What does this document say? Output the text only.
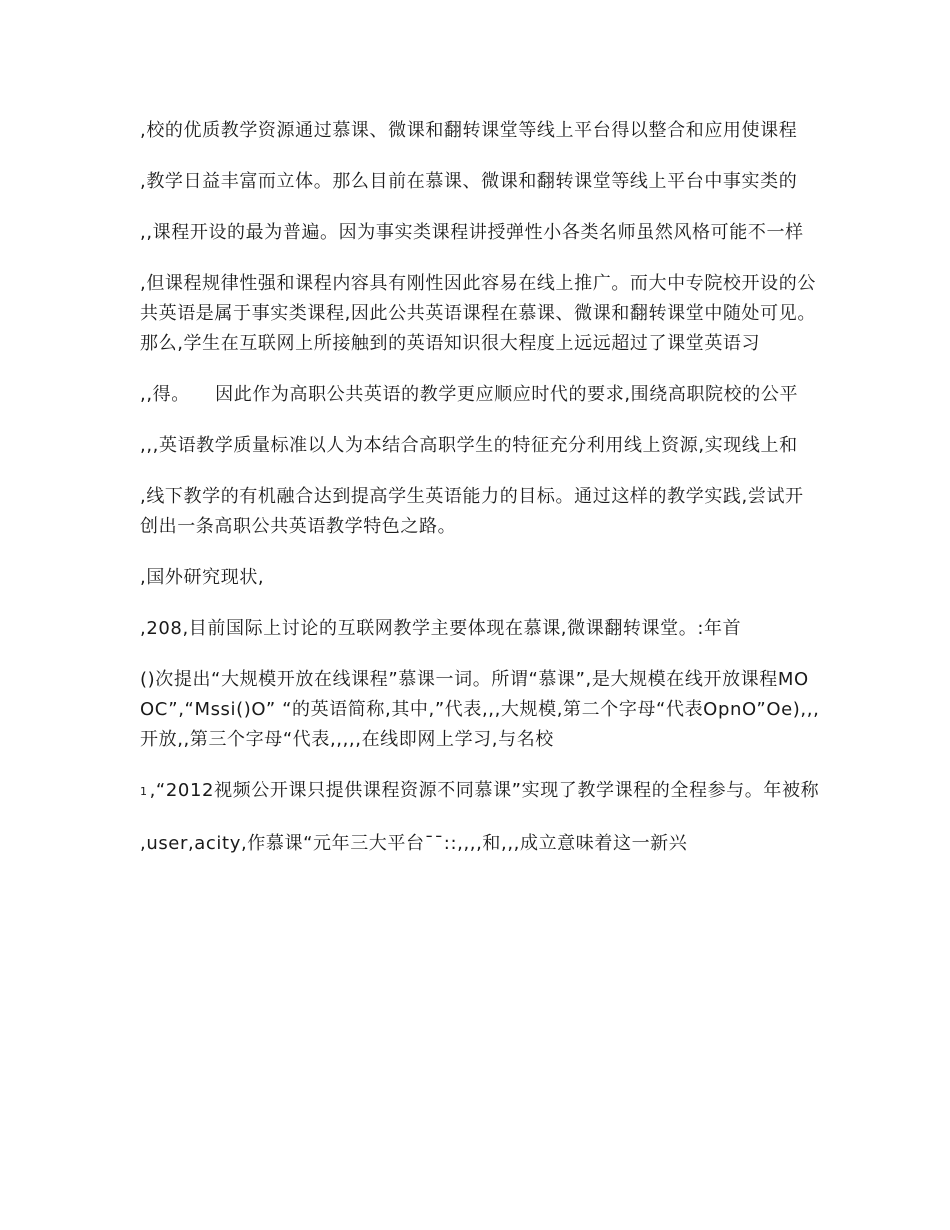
,校的优质教学资源通过慕课、微课和翻转课堂等线上平台得以整合和应用使课程

,教学日益丰富而立体。那么目前在慕课、微课和翻转课堂等线上平台中事实类的

,,课程开设的最为普遍。因为事实类课程讲授弹性小各类名师虽然风格可能不一样

,但课程规律性强和课程内容具有刚性因此容易在线上推广。而大中专院校开设的公共英语是属于事实类课程,因此公共英语课程在慕课、微课和翻转课堂中随处可见。那么,学生在互联网上所接触到的英语知识很大程度上远远超过了课堂英语习

,,得。    因此作为高职公共英语的教学更应顺应时代的要求,围绕高职院校的公平

,,,英语教学质量标准以人为本结合高职学生的特征充分利用线上资源,实现线上和

,线下教学的有机融合达到提高学生英语能力的目标。通过这样的教学实践,尝试开创出一条高职公共英语教学特色之路。

,国外研究现状,

,208,目前国际上讨论的互联网教学主要体现在慕课,微课翻转课堂。:年首

()次提出“大规模开放在线课程”慕课一词。所谓“慕课”,是大规模在线开放课程MOOC”,“Mssi()O” “的英语简称,其中,”代表,,,大规模,第二个字母“代表OpnO”Oe),,,开放,,第三个字母“代表,,,,,在线即网上学习,与名校

1 ,“2012视频公开课只提供课程资源不同慕课”实现了教学课程的全程参与。年被称

,user,acity,作慕课“元年三大平台¯¯::,,,,和,,,成立意味着这一新兴
